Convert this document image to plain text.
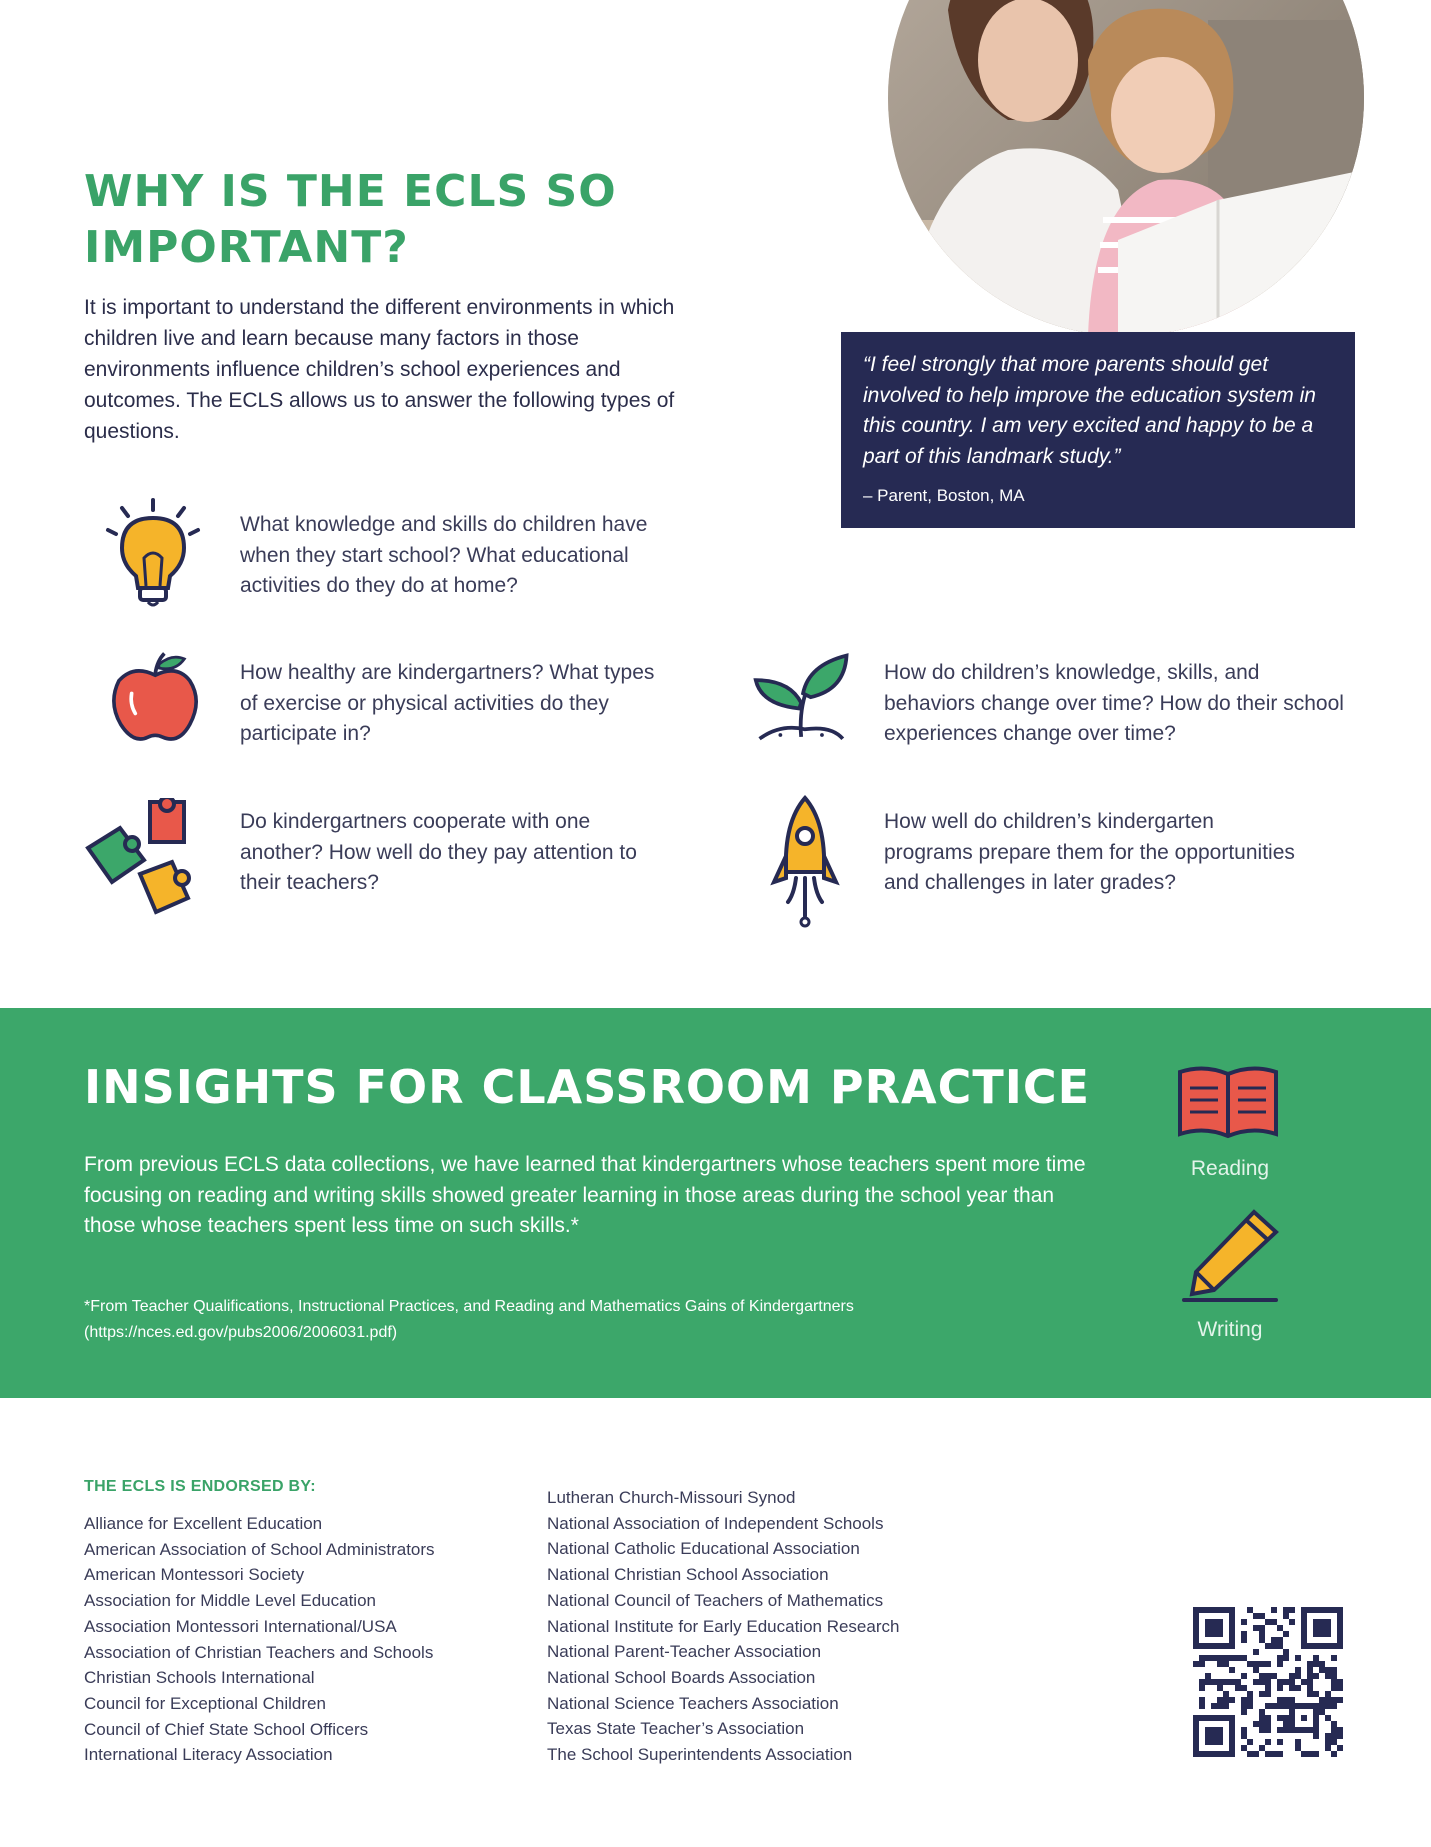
WHY IS THE ECLS SO IMPORTANT?

It is important to understand the different environments in which children live and learn because many factors in those environments influence children’s school experiences and outcomes. The ECLS allows us to answer the following types of questions.

“I feel strongly that more parents should get involved to help improve the education system in this country. I am very excited and happy to be a part of this landmark study.”

– Parent, Boston, MA

What knowledge and skills do children have when they start school? What educational activities do they do at home?

How healthy are kindergartners? What types of exercise or physical activities do they participate in?

How do children’s knowledge, skills, and behaviors change over time? How do their school experiences change over time?

Do kindergartners cooperate with one another? How well do they pay attention to their teachers?

How well do children’s kindergarten programs prepare them for the opportunities and challenges in later grades?

INSIGHTS FOR CLASSROOM PRACTICE

From previous ECLS data collections, we have learned that kindergartners whose teachers spent more time focusing on reading and writing skills showed greater learning in those areas during the school year than those whose teachers spent less time on such skills.*

*From Teacher Qualifications, Instructional Practices, and Reading and Mathematics Gains of Kindergartners (https://nces.ed.gov/pubs2006/2006031.pdf)

Reading
Writing
THE ECLS IS ENDORSED BY:
Alliance for Excellent Education
American Association of School Administrators
American Montessori Society
Association for Middle Level Education
Association Montessori International/USA
Association of Christian Teachers and Schools
Christian Schools International
Council for Exceptional Children
Council of Chief State School Officers
International Literacy Association
Lutheran Church-Missouri Synod
National Association of Independent Schools
National Catholic Educational Association
National Christian School Association
National Council of Teachers of Mathematics
National Institute for Early Education Research
National Parent-Teacher Association
National School Boards Association
National Science Teachers Association
Texas State Teacher’s Association
The School Superintendents Association
